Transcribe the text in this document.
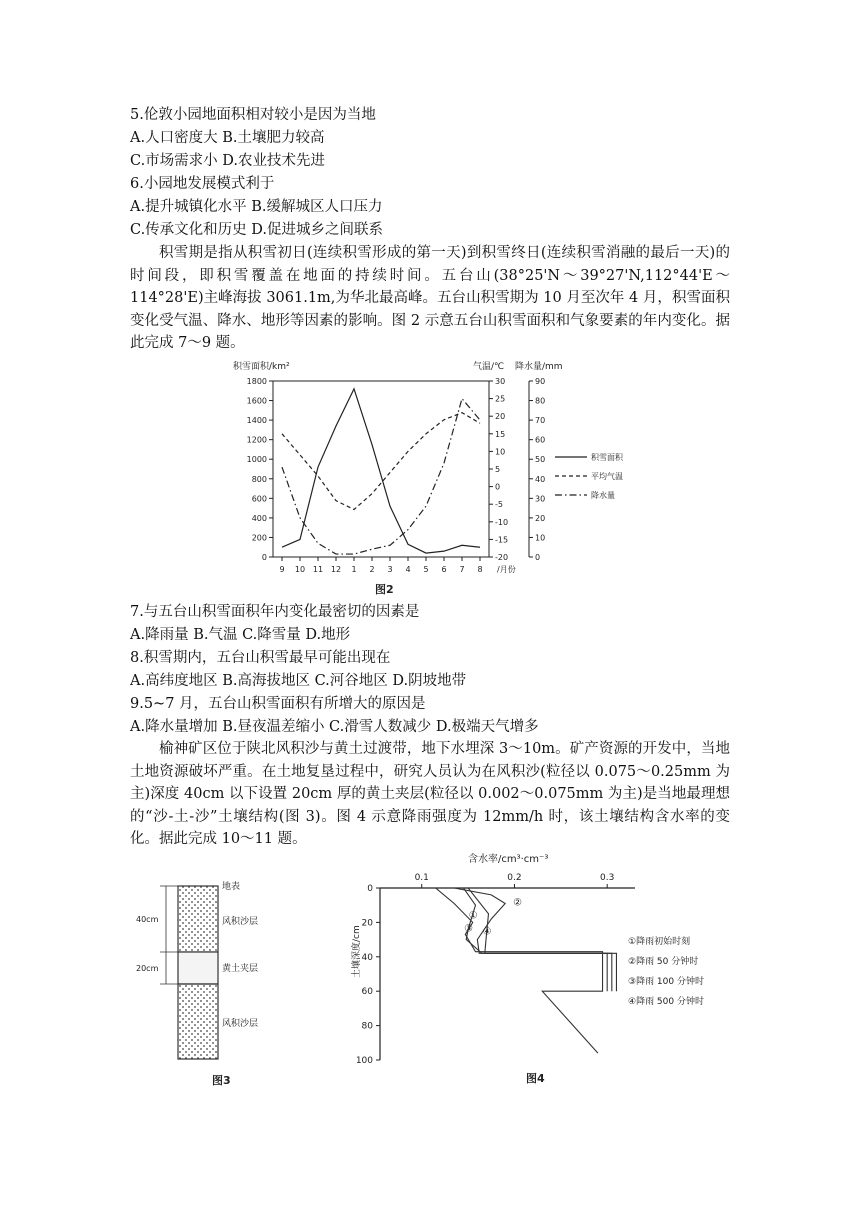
5.伦敦小园地面积相对较小是因为当地
A.人口密度大 B.土壤肥力较高
C.市场需求小 D.农业技术先进
6.小园地发展模式利于
A.提升城镇化水平 B.缓解城区人口压力
C.传承文化和历史 D.促进城乡之间联系
积雪期是指从积雪初日(连续积雪形成的第一天)到积雪终日(连续积雪消融的最后一天)的时间段，即积雪覆盖在地面的持续时间。五台山(38°25'N～39°27'N,112°44'E～114°28'E)主峰海拔 3061.1m,为华北最高峰。五台山积雪期为 10 月至次年 4 月，积雪面积变化受气温、降水、地形等因素的影响。图 2 示意五台山积雪面积和气象要素的年内变化。据此完成 7～9 题。
0
200
400
600
800
1000
1200
1400
1600
1800
-20
-15
-10
-5
0
5
10
15
20
25
30
0
10
20
30
40
50
60
70
80
90
9 10 11 12 1 2 3 4 5 6 7 8 /月份
积雪面积
平均气温
降水量
积雪面积/km²	气温/℃ 降水量/mm
图2
7.与五台山积雪面积年内变化最密切的因素是
A.降雨量 B.气温 C.降雪量 D.地形
8.积雪期内，五台山积雪最早可能出现在
A.高纬度地区 B.高海拔地区 C.河谷地区 D.阴坡地带
9.5~7 月，五台山积雪面积有所增大的原因是
A.降水量增加 B.昼夜温差缩小 C.滑雪人数减少 D.极端天气增多
榆神矿区位于陕北风积沙与黄土过渡带，地下水埋深 3～10m。矿产资源的开发中，当地土地资源破坏严重。在土地复垦过程中，研究人员认为在风积沙(粒径以 0.075～0.25mm 为主)深度 40cm 以下设置 20cm 厚的黄土夹层(粒径以 0.002～0.075mm 为主)是当地最理想的“沙-土-沙”土壤结构(图 3)。图 4 示意降雨强度为 12mm/h 时，该土壤结构含水率的变化。据此完成 10～11 题。
40cm
20cm
地表
风积沙层
黄土夹层
风积沙层
图3
0.1	0.2	0.3
0
20
40
60
80
100
①
②
③ ④
①降雨初始时刻
②降雨 50 分钟时
③降雨 100 分钟时
④降雨 500 分钟时
含水率/cm³·cm⁻³
土壤深度/cm
图4
